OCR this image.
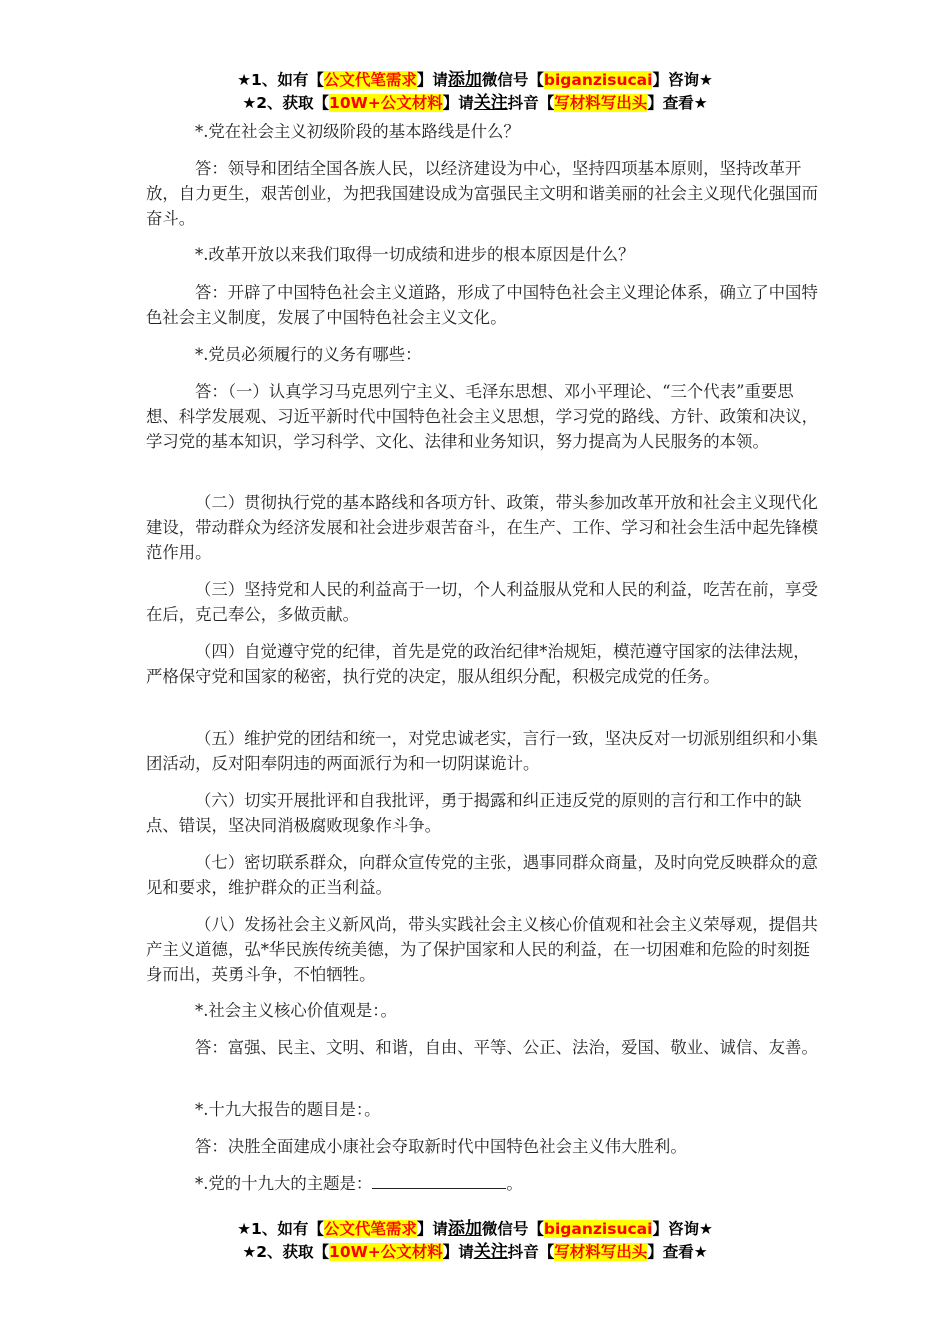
★1、如有【公文代笔需求】请添加微信号【biganzisucai】咨询★
★2、获取【10W+公文材料】请关注抖音【写材料写出头】查看★

*.党在社会主义初级阶段的基本路线是什么？

答：领导和团结全国各族人民，以经济建设为中心，坚持四项基本原则，坚持改革开放，自力更生，艰苦创业，为把我国建设成为富强民主文明和谐美丽的社会主义现代化强国而奋斗。

*.改革开放以来我们取得一切成绩和进步的根本原因是什么？

答：开辟了中国特色社会主义道路，形成了中国特色社会主义理论体系，确立了中国特色社会主义制度，发展了中国特色社会主义文化。

*.党员必须履行的义务有哪些：

答：（一）认真学习马克思列宁主义、毛泽东思想、邓小平理论、“三个代表”重要思想、科学发展观、习近平新时代中国特色社会主义思想，学习党的路线、方针、政策和决议，学习党的基本知识，学习科学、文化、法律和业务知识，努力提高为人民服务的本领。

（二）贯彻执行党的基本路线和各项方针、政策，带头参加改革开放和社会主义现代化建设，带动群众为经济发展和社会进步艰苦奋斗，在生产、工作、学习和社会生活中起先锋模范作用。

（三）坚持党和人民的利益高于一切，个人利益服从党和人民的利益，吃苦在前，享受在后，克己奉公，多做贡献。

（四）自觉遵守党的纪律，首先是党的政治纪律*治规矩，模范遵守国家的法律法规，严格保守党和国家的秘密，执行党的决定，服从组织分配，积极完成党的任务。

（五）维护党的团结和统一，对党忠诚老实，言行一致，坚决反对一切派别组织和小集团活动，反对阳奉阴违的两面派行为和一切阴谋诡计。

（六）切实开展批评和自我批评，勇于揭露和纠正违反党的原则的言行和工作中的缺点、错误，坚决同消极腐败现象作斗争。

（七）密切联系群众，向群众宣传党的主张，遇事同群众商量，及时向党反映群众的意见和要求，维护群众的正当利益。

（八）发扬社会主义新风尚，带头实践社会主义核心价值观和社会主义荣辱观，提倡共产主义道德，弘*华民族传统美德，为了保护国家和人民的利益，在一切困难和危险的时刻挺身而出，英勇斗争，不怕牺牲。

*.社会主义核心价值观是：。

答：富强、民主、文明、和谐，自由、平等、公正、法治，爱国、敬业、诚信、友善。

*.十九大报告的题目是：。

答：决胜全面建成小康社会夺取新时代中国特色社会主义伟大胜利。

*.党的十九大的主题是：	。

★1、如有【公文代笔需求】请添加微信号【biganzisucai】咨询★
★2、获取【10W+公文材料】请关注抖音【写材料写出头】查看★
